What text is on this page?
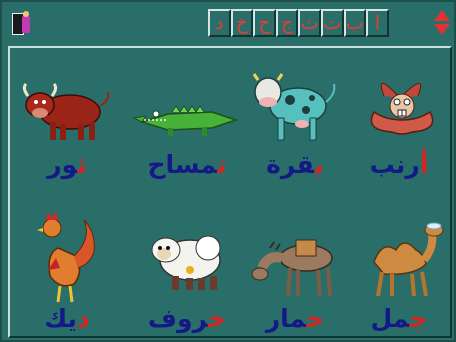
د خ ح ج ث ت ب ا
ثور	تمساح	بقرة	أرنب
ديك	خروف	حمار	جمل
